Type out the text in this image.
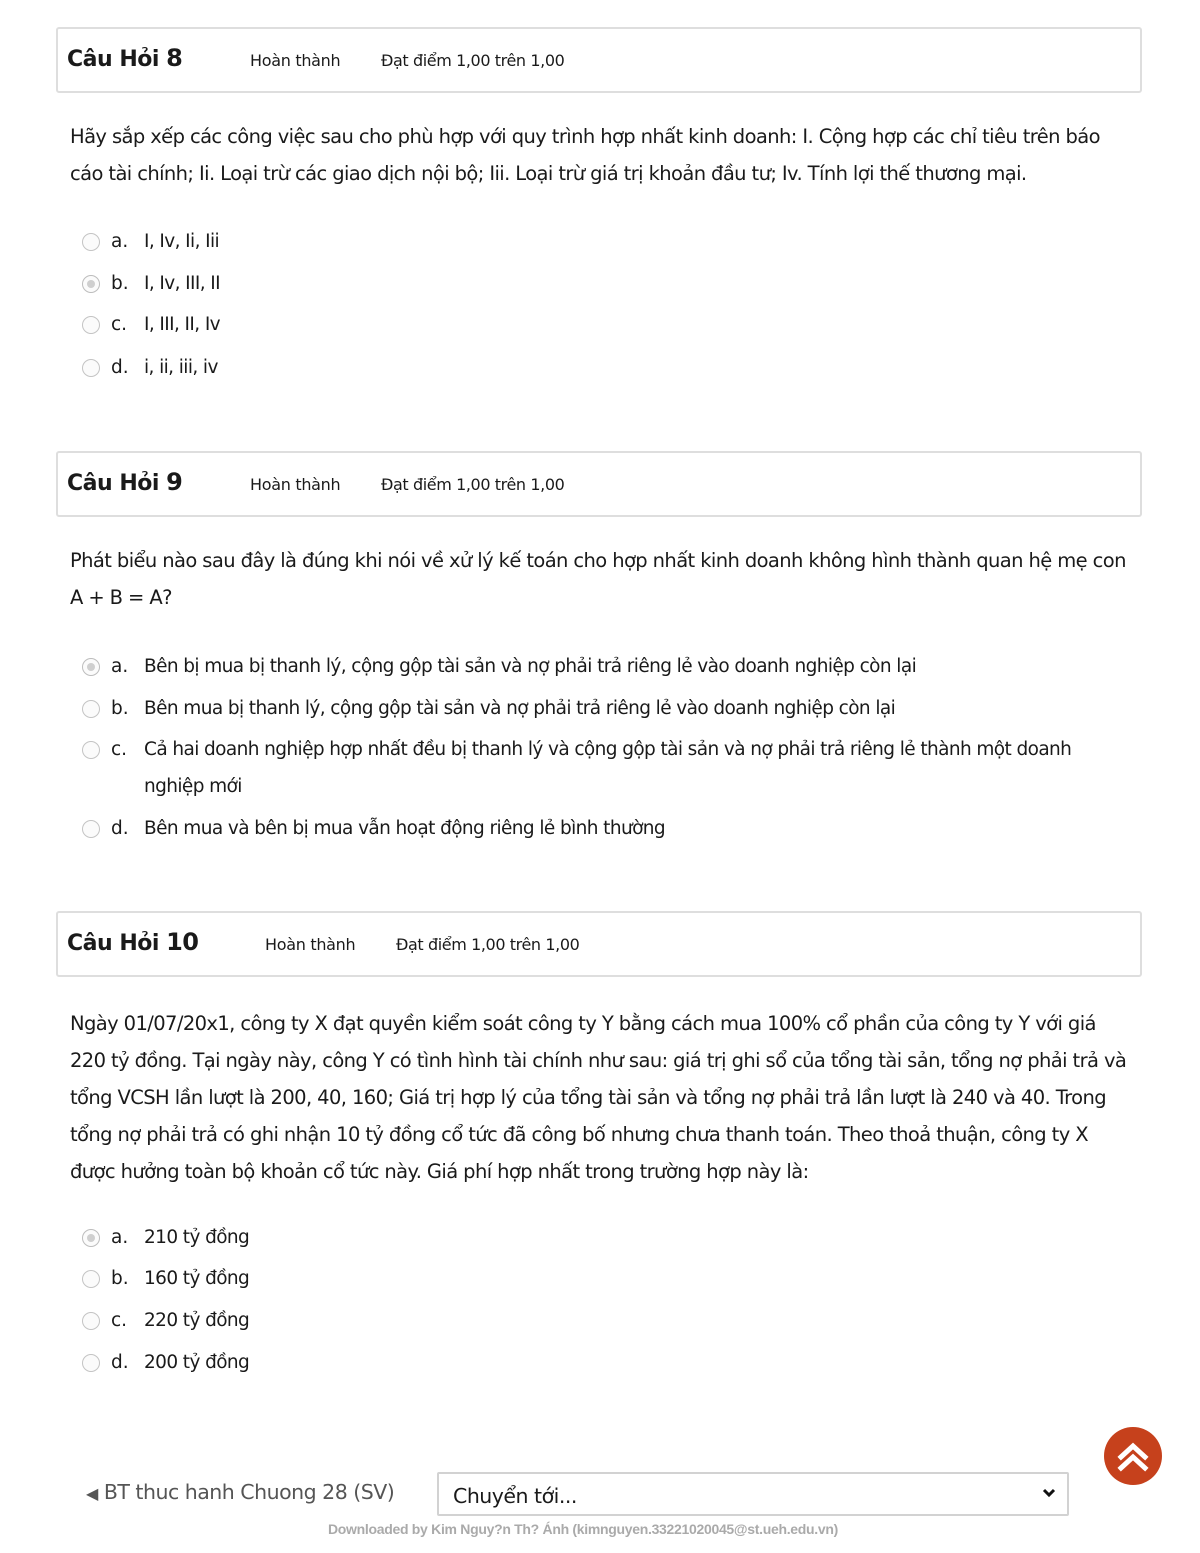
Câu Hỏi 8	Hoàn thành	Đạt điểm 1,00 trên 1,00
Hãy sắp xếp các công việc sau cho phù hợp với quy trình hợp nhất kinh doanh: I. Cộng hợp các chỉ tiêu trên báo cáo tài chính; Ii. Loại trừ các giao dịch nội bộ; Iii. Loại trừ giá trị khoản đầu tư; Iv. Tính lợi thế thương mại.
a. I, Iv, Ii, Iii
b. I, Iv, III, II
c. I, III, II, Iv
d. i, ii, iii, iv
Câu Hỏi 9	Hoàn thành	Đạt điểm 1,00 trên 1,00
Phát biểu nào sau đây là đúng khi nói về xử lý kế toán cho hợp nhất kinh doanh không hình thành quan hệ mẹ con A + B = A?
a. Bên bị mua bị thanh lý, cộng gộp tài sản và nợ phải trả riêng lẻ vào doanh nghiệp còn lại
b. Bên mua bị thanh lý, cộng gộp tài sản và nợ phải trả riêng lẻ vào doanh nghiệp còn lại
c. Cả hai doanh nghiệp hợp nhất đều bị thanh lý và cộng gộp tài sản và nợ phải trả riêng lẻ thành một doanh nghiệp mới
d. Bên mua và bên bị mua vẫn hoạt động riêng lẻ bình thường
Câu Hỏi 10	Hoàn thành	Đạt điểm 1,00 trên 1,00
Ngày 01/07/20x1, công ty X đạt quyền kiểm soát công ty Y bằng cách mua 100% cổ phần của công ty Y với giá 220 tỷ đồng. Tại ngày này, công Y có tình hình tài chính như sau: giá trị ghi sổ của tổng tài sản, tổng nợ phải trả và tổng VCSH lần lượt là 200, 40, 160; Giá trị hợp lý của tổng tài sản và tổng nợ phải trả lần lượt là 240 và 40. Trong tổng nợ phải trả có ghi nhận 10 tỷ đồng cổ tức đã công bố nhưng chưa thanh toán. Theo thoả thuận, công ty X được hưởng toàn bộ khoản cổ tức này. Giá phí hợp nhất trong trường hợp này là:
a. 210 tỷ đồng
b. 160 tỷ đồng
c. 220 tỷ đồng
d. 200 tỷ đồng
◀ BT thuc hanh Chuong 28 (SV)	Chuyển tới...
Downloaded by Kim Nguy?n Th? Ánh (kimnguyen.33221020045@st.ueh.edu.vn)
